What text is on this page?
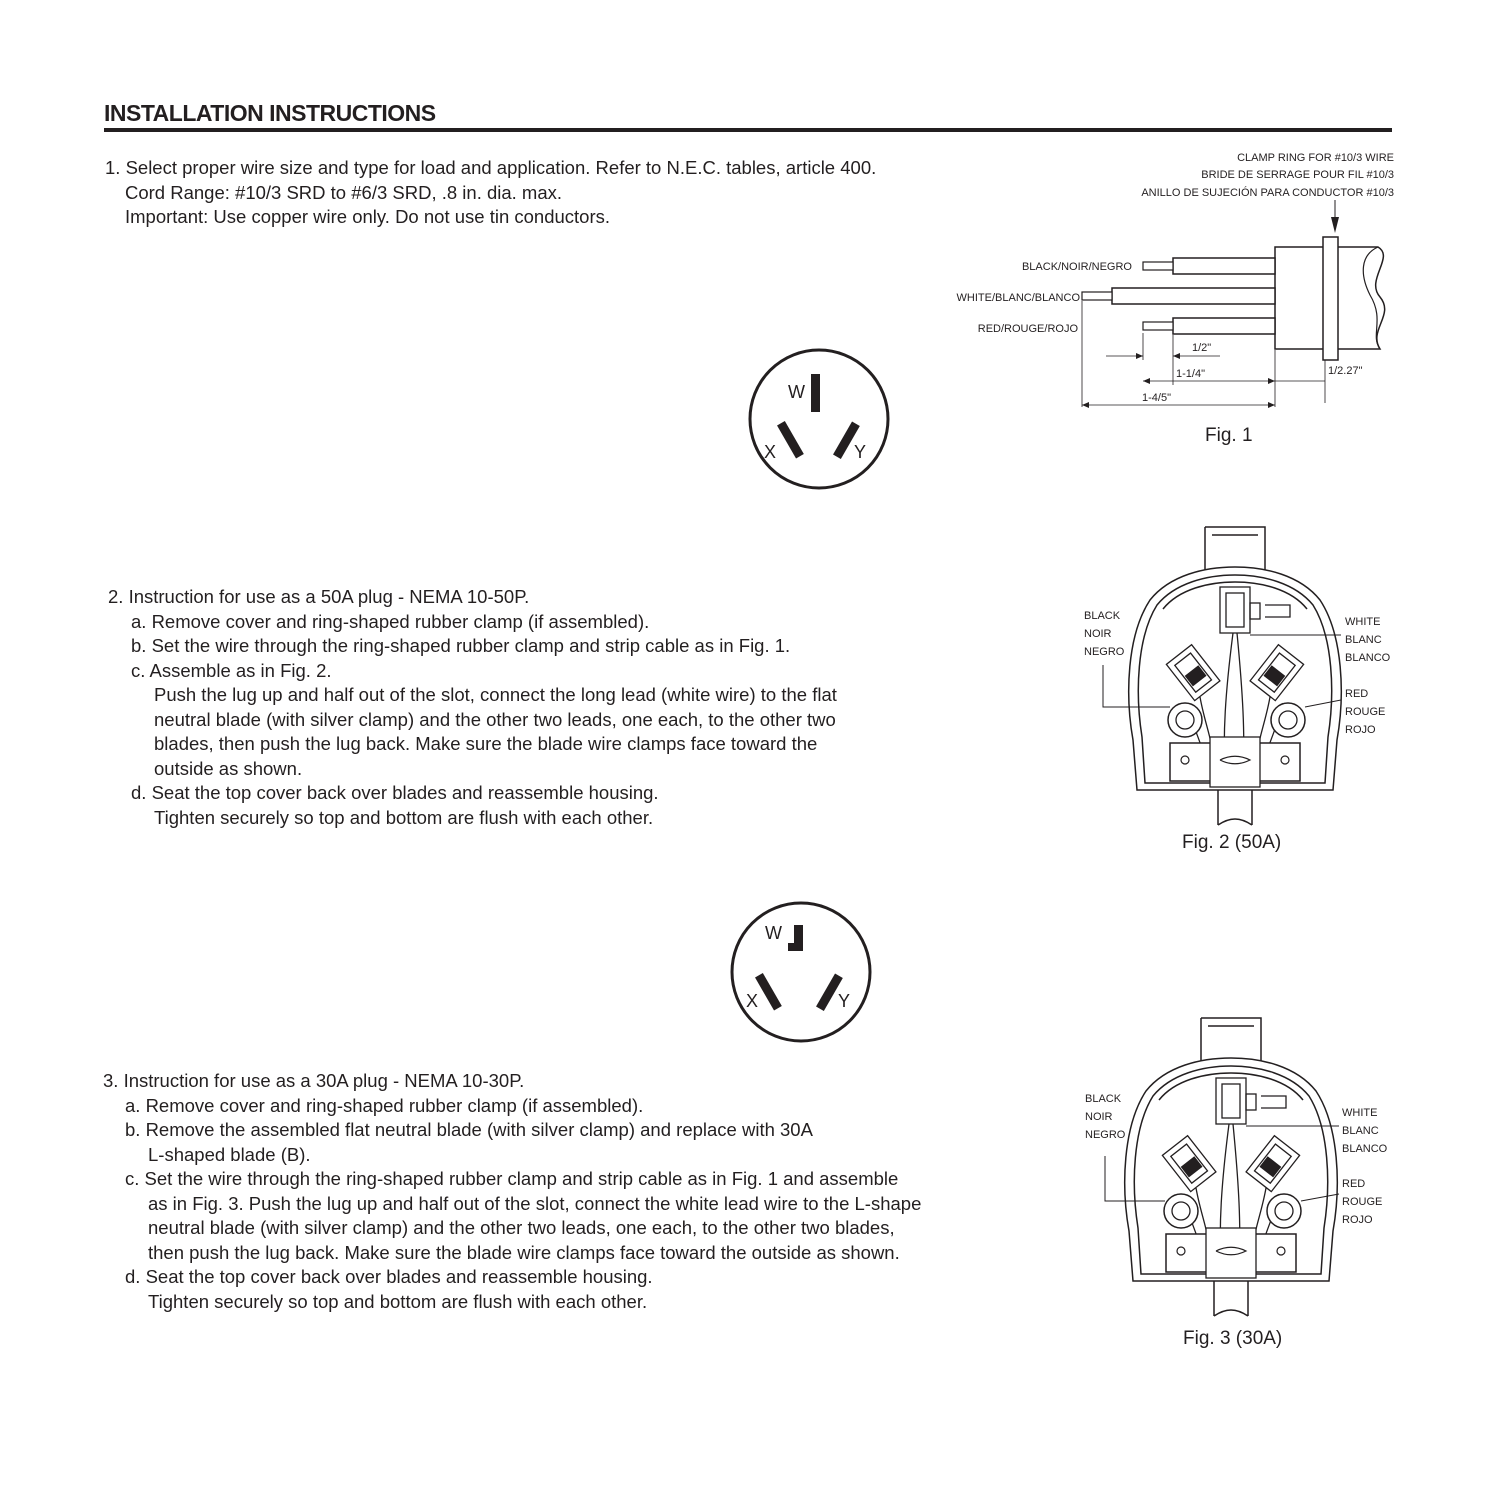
INSTALLATION INSTRUCTIONS

1. Select proper wire size and type for load and application. Refer to N.E.C. tables, article 400.

Cord Range: #10/3 SRD to #6/3 SRD, .8 in. dia. max.

Important: Use copper wire only. Do not use tin conductors.

2. Instruction for use as a 50A plug - NEMA 10-50P.

a. Remove cover and ring-shaped rubber clamp (if assembled).

b. Set the wire through the ring-shaped rubber clamp and strip cable as in Fig. 1.

c. Assemble as in Fig. 2.

Push the lug up and half out of the slot, connect the long lead (white wire) to the flat

neutral blade (with silver clamp) and the other two leads, one each, to the other two

blades, then push the lug back. Make sure the blade wire clamps face toward the

outside as shown.

d. Seat the top cover back over blades and reassemble housing.

Tighten securely so top and bottom are flush with each other.

3. Instruction for use as a 30A plug - NEMA 10-30P.

a. Remove cover and ring-shaped rubber clamp (if assembled).

b. Remove the assembled flat neutral blade (with silver clamp) and replace with 30A

L-shaped blade (B).

c. Set the wire through the ring-shaped rubber clamp and strip cable as in Fig. 1 and assemble

as in Fig. 3. Push the lug up and half out of the slot, connect the white lead wire to the L-shape

neutral blade (with silver clamp) and the other two leads, one each, to the other two blades,

then push the lug back. Make sure the blade wire clamps face toward the outside as shown.

d. Seat the top cover back over blades and reassemble housing.

Tighten securely so top and bottom are flush with each other.

CLAMP RING FOR #10/3 WIRE
BRIDE DE SERRAGE POUR FIL #10/3
ANILLO DE SUJECIÓN PARA CONDUCTOR #10/3
BLACK/NOIR/NEGRO
WHITE/BLANC/BLANCO
RED/ROUGE/ROJO
1/2"
1-1/4"	1/2.27"
1-4/5"
Fig. 1
W
X	Y
W
X	Y
BLACK
NOIR
NEGRO
WHITE
BLANC
BLANCO
RED
ROUGE
ROJO
Fig. 2 (50A)
BLACK
NOIR
NEGRO
WHITE
BLANC
BLANCO
RED
ROUGE
ROJO
Fig. 3 (30A)
